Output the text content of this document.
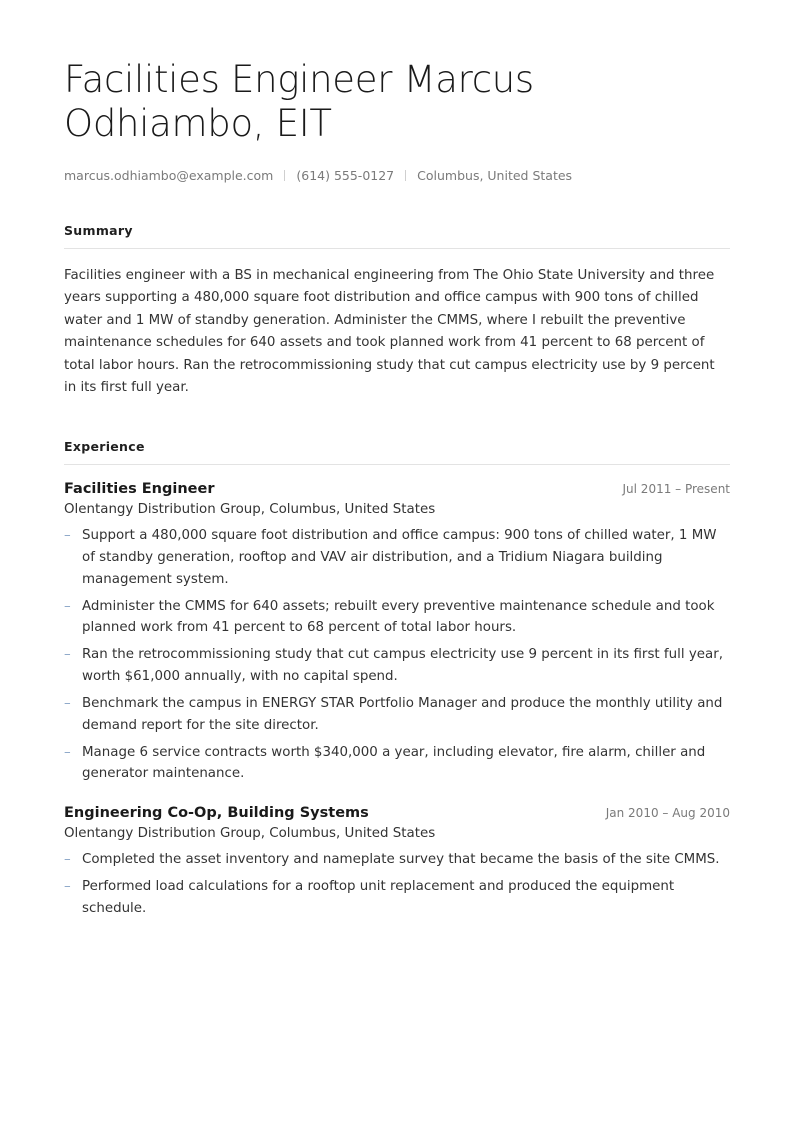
Facilities Engineer Marcus Odhiambo, EIT
marcus.odhiambo@example.com (614) 555-0127 Columbus, United States
Summary
Facilities engineer with a BS in mechanical engineering from The Ohio State University and three years supporting a 480,000 square foot distribution and office campus with 900 tons of chilled water and 1 MW of standby generation. Administer the CMMS, where I rebuilt the preventive maintenance schedules for 640 assets and took planned work from 41 percent to 68 percent of total labor hours. Ran the retrocommissioning study that cut campus electricity use by 9 percent in its first full year.
Experience
Facilities Engineer	Jul 2011 – Present
Olentangy Distribution Group, Columbus, United States
– Support a 480,000 square foot distribution and office campus: 900 tons of chilled water, 1 MW of standby generation, rooftop and VAV air distribution, and a Tridium Niagara building management system.
– Administer the CMMS for 640 assets; rebuilt every preventive maintenance schedule and took planned work from 41 percent to 68 percent of total labor hours.
– Ran the retrocommissioning study that cut campus electricity use 9 percent in its first full year, worth $61,000 annually, with no capital spend.
– Benchmark the campus in ENERGY STAR Portfolio Manager and produce the monthly utility and demand report for the site director.
– Manage 6 service contracts worth $340,000 a year, including elevator, fire alarm, chiller and generator maintenance.
Engineering Co-Op, Building Systems	Jan 2010 – Aug 2010
Olentangy Distribution Group, Columbus, United States
– Completed the asset inventory and nameplate survey that became the basis of the site CMMS.
– Performed load calculations for a rooftop unit replacement and produced the equipment schedule.
